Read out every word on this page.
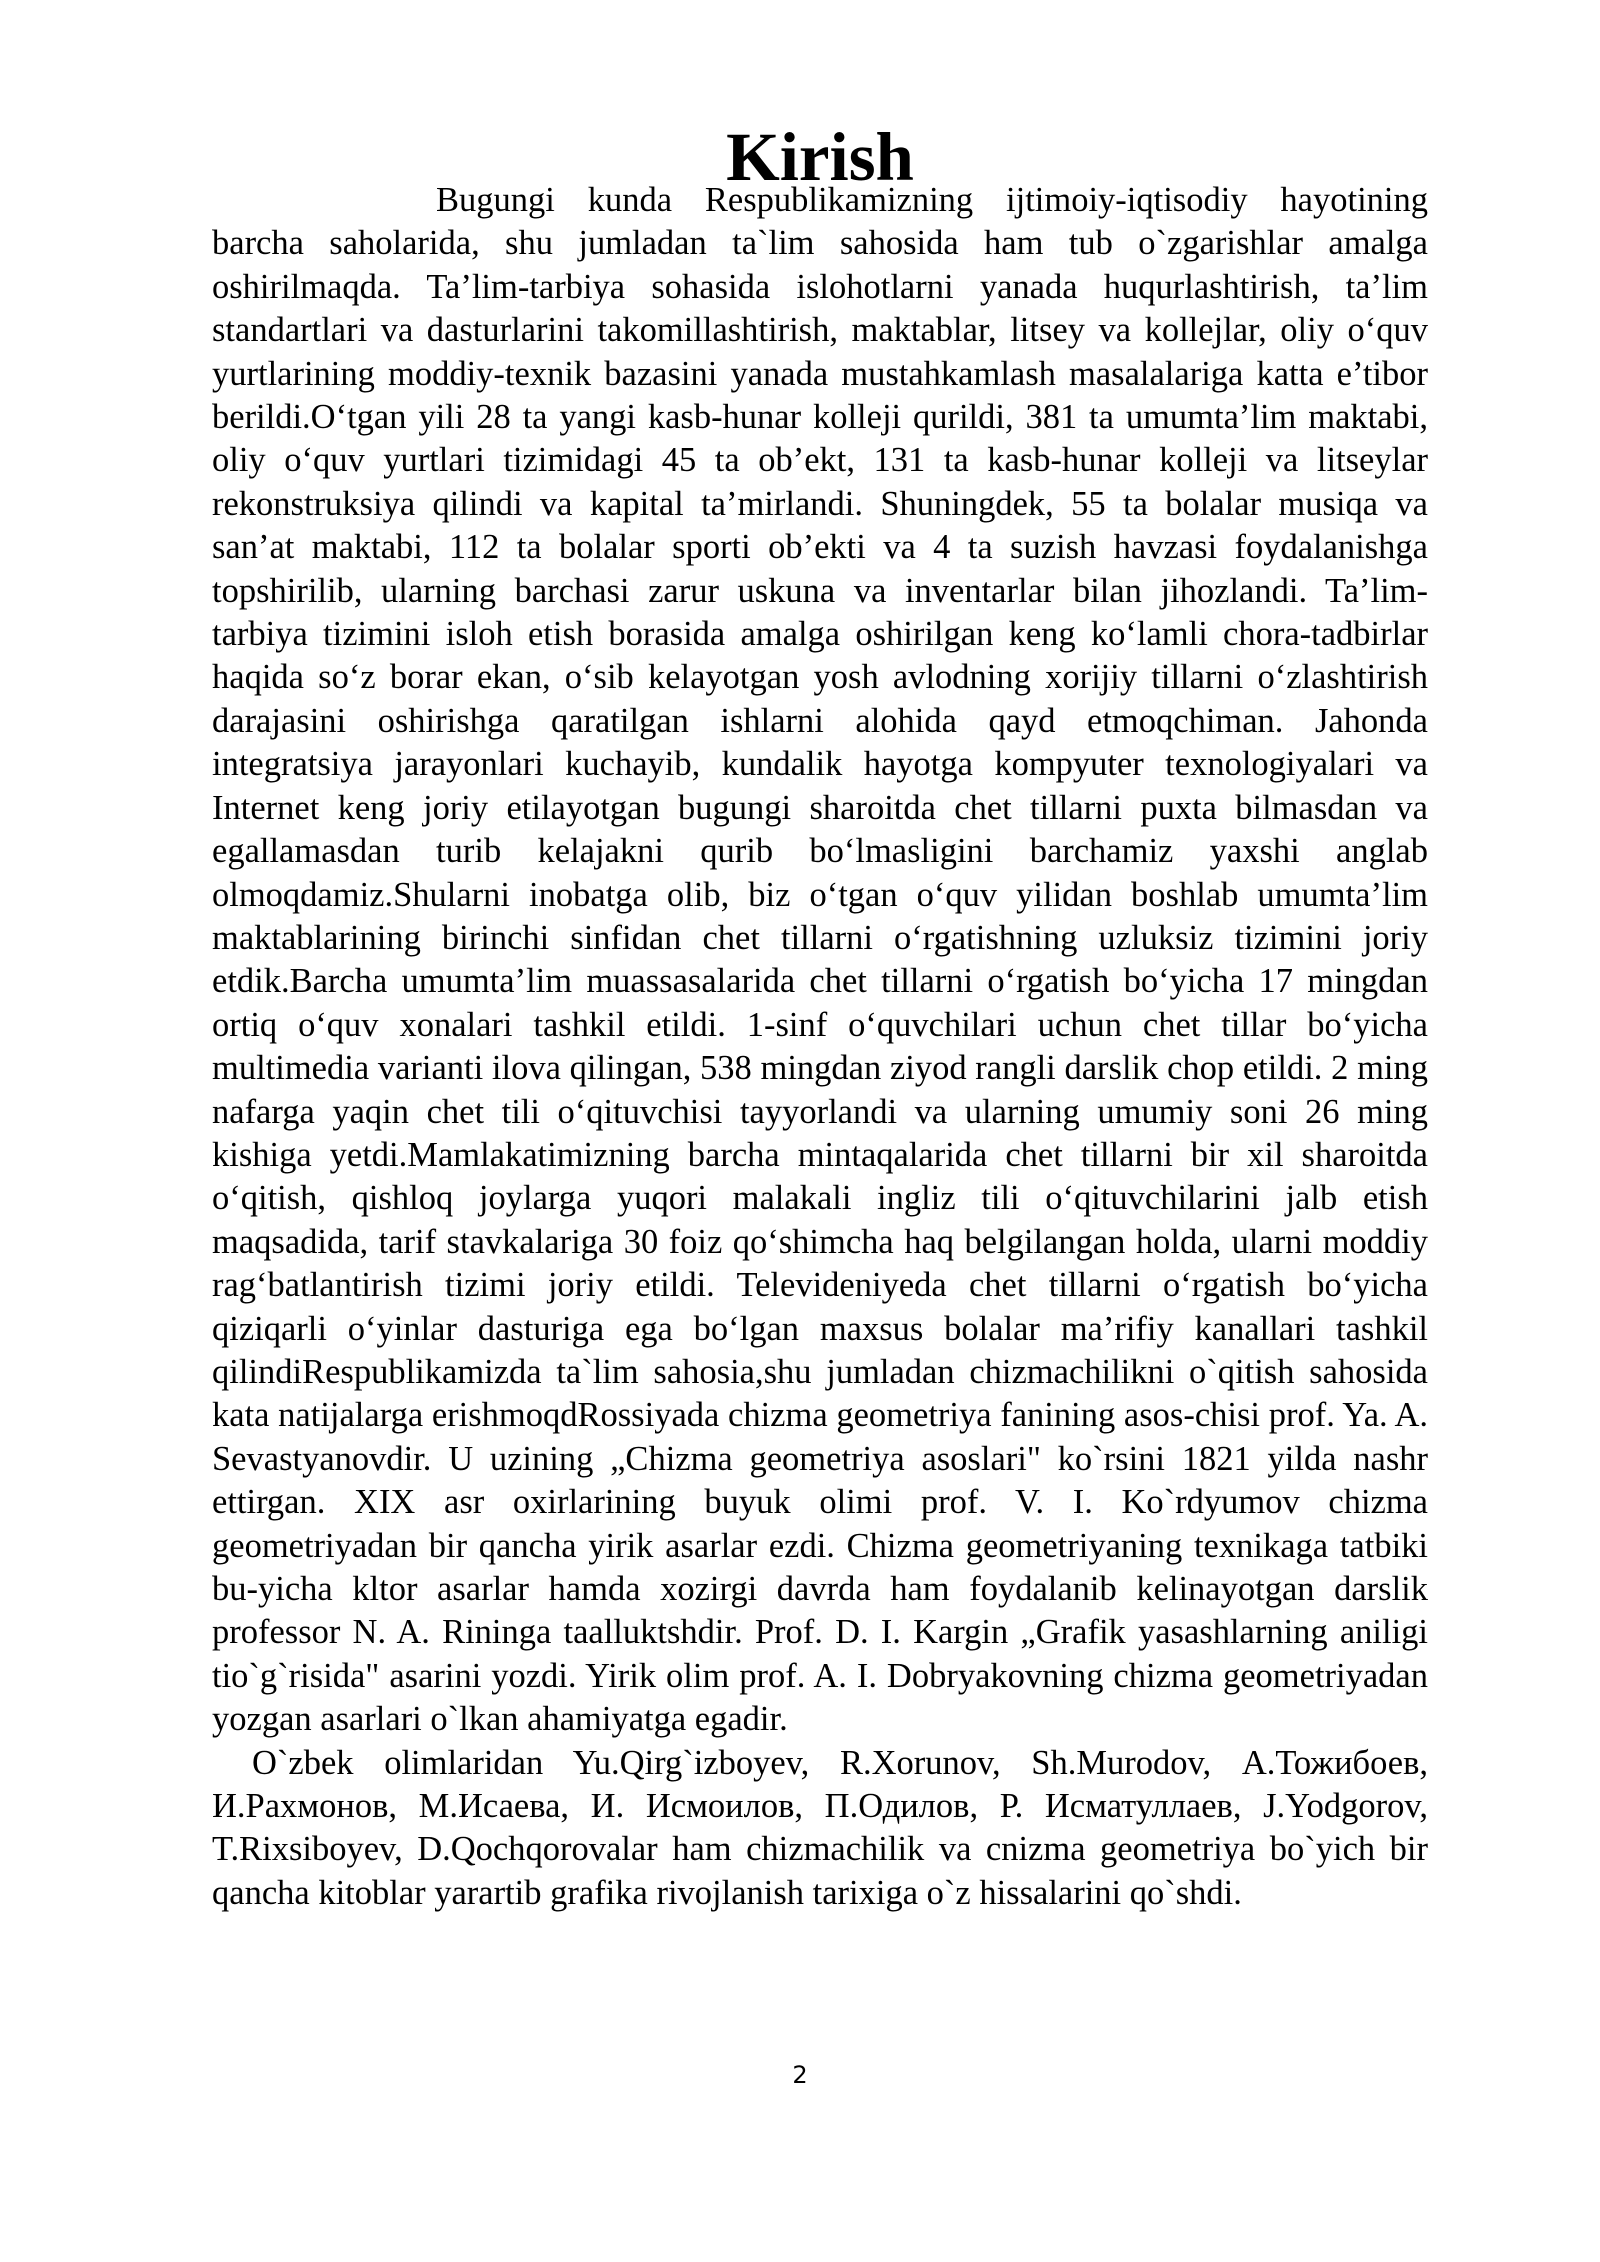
Kirish

Bugungi kunda Respublikamizning ijtimoiy-iqtisodiy hayotining barcha saholarida, shu jumladan ta`lim sahosida ham tub o`zgarishlar amalga oshirilmaqda. Ta’lim-tarbiya sohasida islohotlarni yanada huqurlashtirish, ta’lim standartlari va dasturlarini takomillashtirish, maktablar, litsey va kollejlar, oliy o‘quv yurtlarining moddiy-texnik bazasini yanada mustahkamlash masalalariga katta e’tibor berildi.O‘tgan yili 28 ta yangi kasb-hunar kolleji qurildi, 381 ta umumta’lim maktabi, oliy o‘quv yurtlari tizimidagi 45 ta ob’ekt, 131 ta kasb-hunar kolleji va litseylar rekonstruksiya qilindi va kapital ta’mirlandi. Shuningdek, 55 ta bolalar musiqa va san’at maktabi, 112 ta bolalar sporti ob’ekti va 4 ta suzish havzasi foydalanishga topshirilib, ularning barchasi zarur uskuna va inventarlar bilan jihozlandi. Ta’lim-tarbiya tizimini isloh etish borasida amalga oshirilgan keng ko‘lamli chora-tadbirlar haqida so‘z borar ekan, o‘sib kelayotgan yosh avlodning xorijiy tillarni o‘zlashtirish darajasini oshirishga qaratilgan ishlarni alohida qayd etmoqchiman. Jahonda integratsiya jarayonlari kuchayib, kundalik hayotga kompyuter texnologiyalari va Internet keng joriy etilayotgan bugungi sharoitda chet tillarni puxta bilmasdan va egallamasdan turib kelajakni qurib bo‘lmasligini barchamiz yaxshi anglab olmoqdamiz.Shularni inobatga olib, biz o‘tgan o‘quv yilidan boshlab umumta’lim maktablarining birinchi sinfidan chet tillarni o‘rgatishning uzluksiz tizimini joriy etdik.Barcha umumta’lim muassasalarida chet tillarni o‘rgatish bo‘yicha 17 mingdan ortiq o‘quv xonalari tashkil etildi. 1-sinf o‘quvchilari uchun chet tillar bo‘yicha multimedia varianti ilova qilingan, 538 mingdan ziyod rangli darslik chop etildi. 2 ming nafarga yaqin chet tili o‘qituvchisi tayyorlandi va ularning umumiy soni 26 ming kishiga yetdi.Mamlakatimizning barcha mintaqalarida chet tillarni bir xil sharoitda o‘qitish, qishloq joylarga yuqori malakali ingliz tili o‘qituvchilarini jalb etish maqsadida, tarif stavkalariga 30 foiz qo‘shimcha haq belgilangan holda, ularni moddiy rag‘batlantirish tizimi joriy etildi. Televideniyeda chet tillarni o‘rgatish bo‘yicha qiziqarli o‘yinlar dasturiga ega bo‘lgan maxsus bolalar ma’rifiy kanallari tashkil qilindiRespublikamizda ta`lim sahosia,shu jumladan chizmachilikni o`qitish sahosida kata natijalarga erishmoqdRossiyada chizma geometriya fanining asos-chisi prof. Ya. A. Sevastyanovdir. U uzining „Chizma geometriya asoslari" ko`rsini 1821 yilda nashr ettirgan. XIX asr oxirlarining buyuk olimi prof. V. I. Ko`rdyumov chizma geometriyadan bir qancha yirik asarlar ezdi. Chizma geometriyaning texnikaga tatbiki bu-yicha kltor asarlar hamda xozirgi davrda ham foydalanib kelinayotgan darslik professor N. A. Rininga taalluktshdir. Prof. D. I. Kargin „Grafik yasashlarning aniligi tio`g`risida" asarini yozdi. Yirik olim prof. A. I. Dobryakovning chizma geometriyadan yozgan asarlari o`lkan ahamiyatga egadir.

O`zbek olimlaridan Yu.Qirg`izboyev, R.Xorunov, Sh.Murodov, А.Тожибоев, И.Рахмонов, М.Исаева, И. Исмоилов, П.Одилов, Р. Исматуллаев, J.Yodgorov, T.Rixsiboyev, D.Qochqorovalar ham chizmachilik va cnizma geometriya bo`yich bir qancha kitoblar yarartib grafika rivojlanish tarixiga o`z hissalarini qo`shdi.

2
